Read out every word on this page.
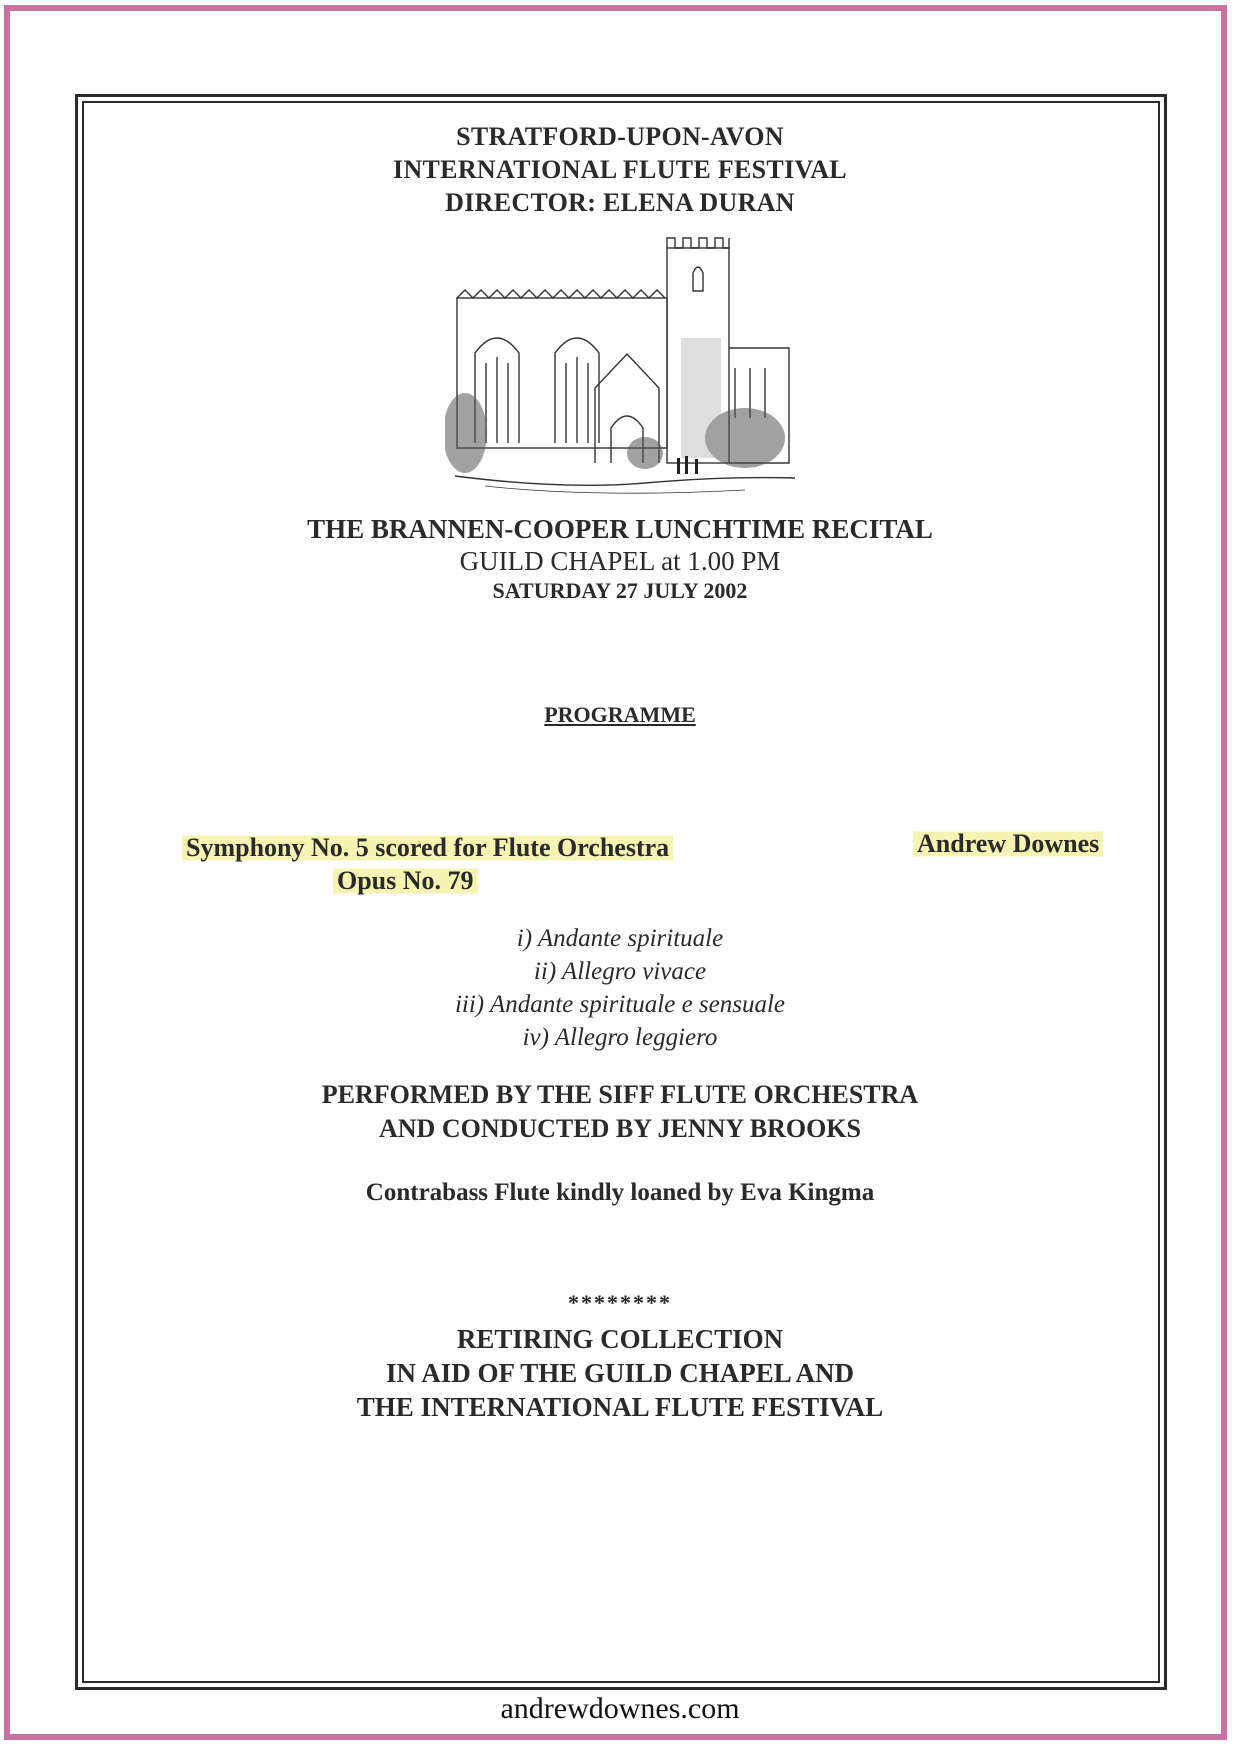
STRATFORD-UPON-AVON
INTERNATIONAL FLUTE FESTIVAL
DIRECTOR: ELENA DURAN
THE BRANNEN-COOPER LUNCHTIME RECITAL
GUILD CHAPEL at 1.00 PM
SATURDAY 27 JULY 2002
PROGRAMME
Symphony No. 5 scored for Flute Orchestra
Opus No. 79
Andrew Downes
i) Andante spirituale
ii) Allegro vivace
iii) Andante spirituale e sensuale
iv) Allegro leggiero
PERFORMED BY THE SIFF FLUTE ORCHESTRA
AND CONDUCTED BY JENNY BROOKS
Contrabass Flute kindly loaned by Eva Kingma
********
RETIRING COLLECTION
IN AID OF THE GUILD CHAPEL AND
THE INTERNATIONAL FLUTE FESTIVAL
andrewdownes.com
